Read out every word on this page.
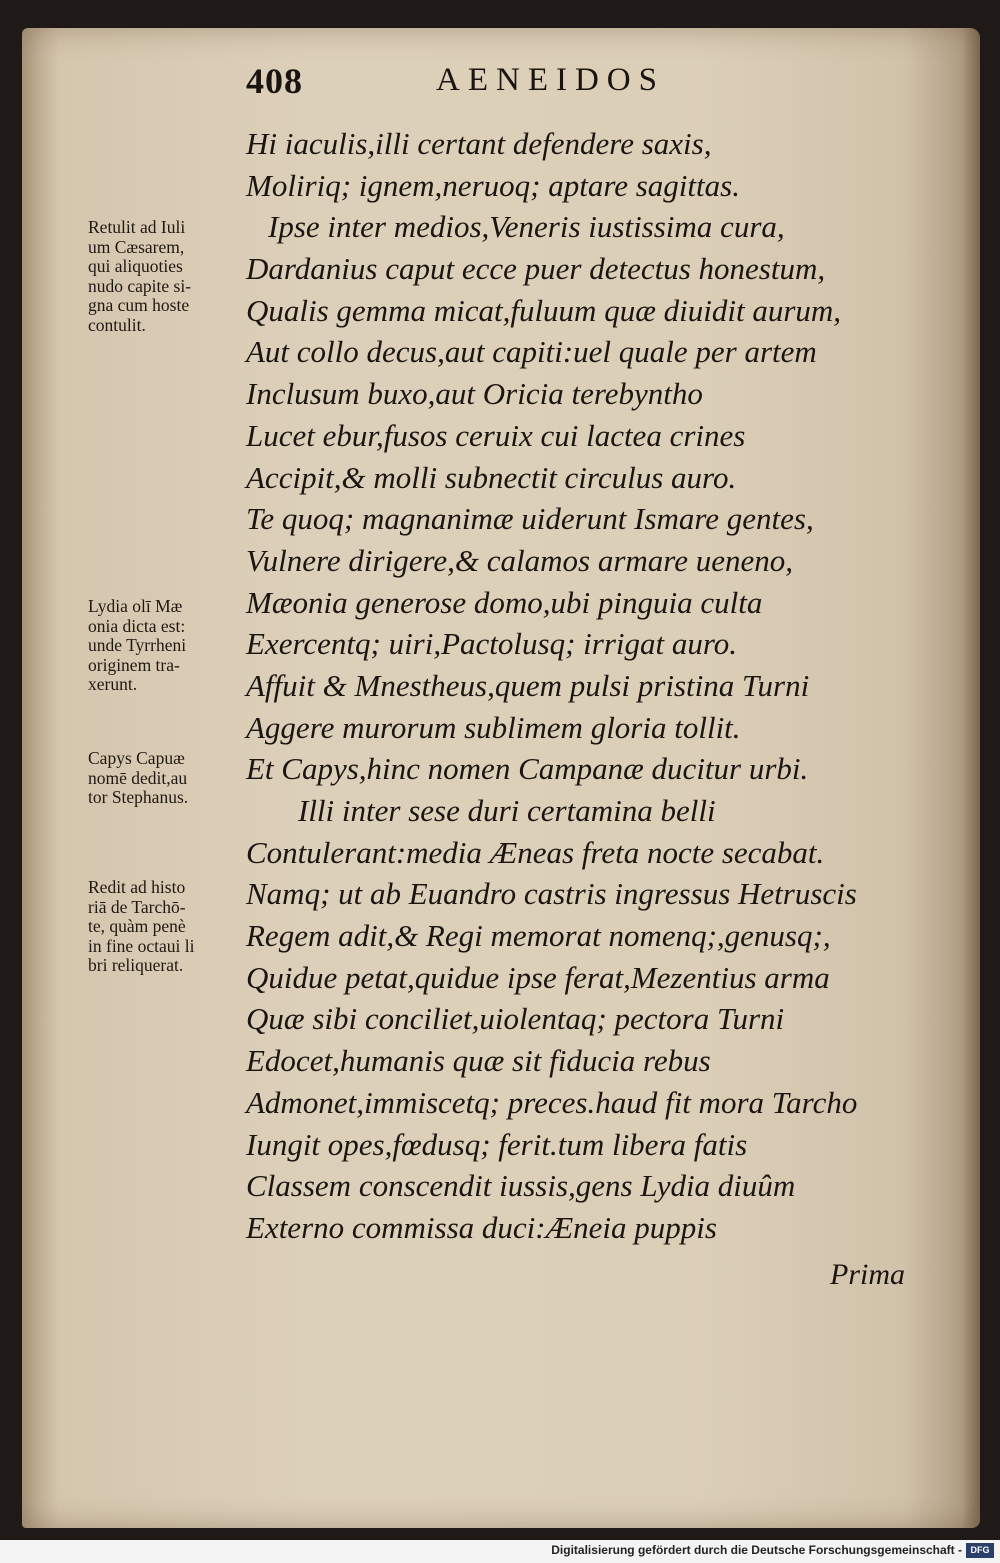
408	AENEIDOS
Hi iaculis,illi certant defendere saxis,
Moliriq; ignem,neruoq; aptare sagittas.
Ipse inter medios,Veneris iustissima cura,
Dardanius caput ecce puer detectus honestum,
Qualis gemma micat,fuluum quæ diuidit aurum,
Aut collo decus,aut capiti:uel quale per artem
Inclusum buxo,aut Oricia terebyntho
Lucet ebur,fusos ceruix cui lactea crines
Accipit,& molli subnectit circulus auro.
Te quoq; magnanimæ uiderunt Ismare gentes,
Vulnere dirigere,& calamos armare ueneno,
Mæonia generose domo,ubi pinguia culta
Exercentq; uiri,Pactolusq; irrigat auro.
Affuit & Mnestheus,quem pulsi pristina Turni
Aggere murorum sublimem gloria tollit.
Et Capys,hinc nomen Campanæ ducitur urbi.
Illi inter sese duri certamina belli
Contulerant:media Æneas freta nocte secabat.
Namq; ut ab Euandro castris ingressus Hetruscis
Regem adit,& Regi memorat nomenq;,genusq;,
Quidue petat,quidue ipse ferat,Mezentius arma
Quæ sibi conciliet,uiolentaq; pectora Turni
Edocet,humanis quæ sit fiducia rebus
Admonet,immiscetq; preces.haud fit mora Tarcho
Iungit opes,fœdusq; ferit.tum libera fatis
Classem conscendit iussis,gens Lydia diuûm
Externo commissa duci:Æneia puppis
Prima
Retulit ad Iuli
um Cæsarem,
qui aliquoties
nudo capite si-
gna cum hoste
contulit.
Lydia olī Mæ
onia dicta est:
unde Tyrrheni
originem tra-
xerunt.
Capys Capuæ
nomē dedit,au
tor Stephanus.
Redit ad histo
riā de Tarchō-
te, quàm penè
in fine octaui li
bri reliquerat.
Digitalisierung gefördert durch die Deutsche Forschungsgemeinschaft - DFG
